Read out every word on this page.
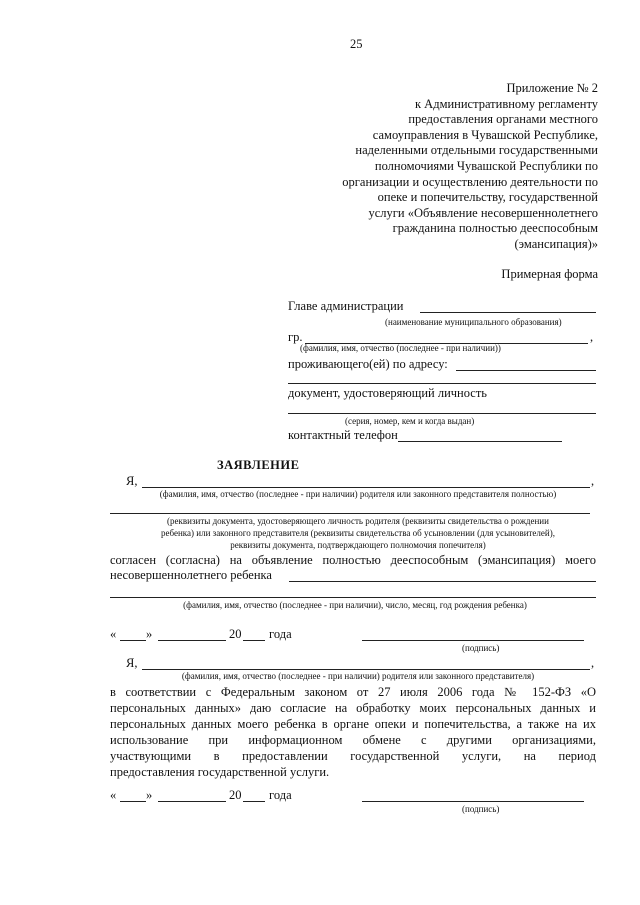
25
Приложение № 2
к Административному регламенту
предоставления органами местного
самоуправления в Чувашской Республике,
наделенными отдельными государственными
полномочиями Чувашской Республики по
организации и осуществлению деятельности по
опеке и попечительству, государственной
услуги «Объявление несовершеннолетнего
гражданина полностью дееспособным
(эмансипация)»
Примерная форма
Главе администрации
(наименование муниципального образования)
гр.	,
(фамилия, имя, отчество (последнее - при наличии))
проживающего(ей) по адресу:
документ, удостоверяющий личность
(серия, номер, кем и когда выдан)
контактный телефон
ЗАЯВЛЕНИЕ
Я,	,
(фамилия, имя, отчество (последнее - при наличии) родителя или законного представителя полностью)
(реквизиты документа, удостоверяющего личность родителя (реквизиты свидетельства о рождении
ребенка) или законного представителя (реквизиты свидетельства об усыновлении (для усыновителей),
реквизиты документа, подтверждающего полномочия попечителя)
согласен (согласна) на объявление полностью дееспособным (эмансипация) моего
несовершеннолетнего ребенка
(фамилия, имя, отчество (последнее - при наличии), число, месяц, год рождения ребенка)
« »	20 года
(подпись)
Я,	,
(фамилия, имя, отчество (последнее - при наличии) родителя или законного представителя)
в соответствии с Федеральным законом от 27 июля 2006 года № 152-ФЗ «О
персональных данных» даю согласие на обработку моих персональных данных и
персональных данных моего ребенка в органе опеки и попечительства, а также на их
использование при информационном обмене с другими организациями,
участвующими в предоставлении государственной услуги, на период
предоставления государственной услуги.
« »	20 года
(подпись)
